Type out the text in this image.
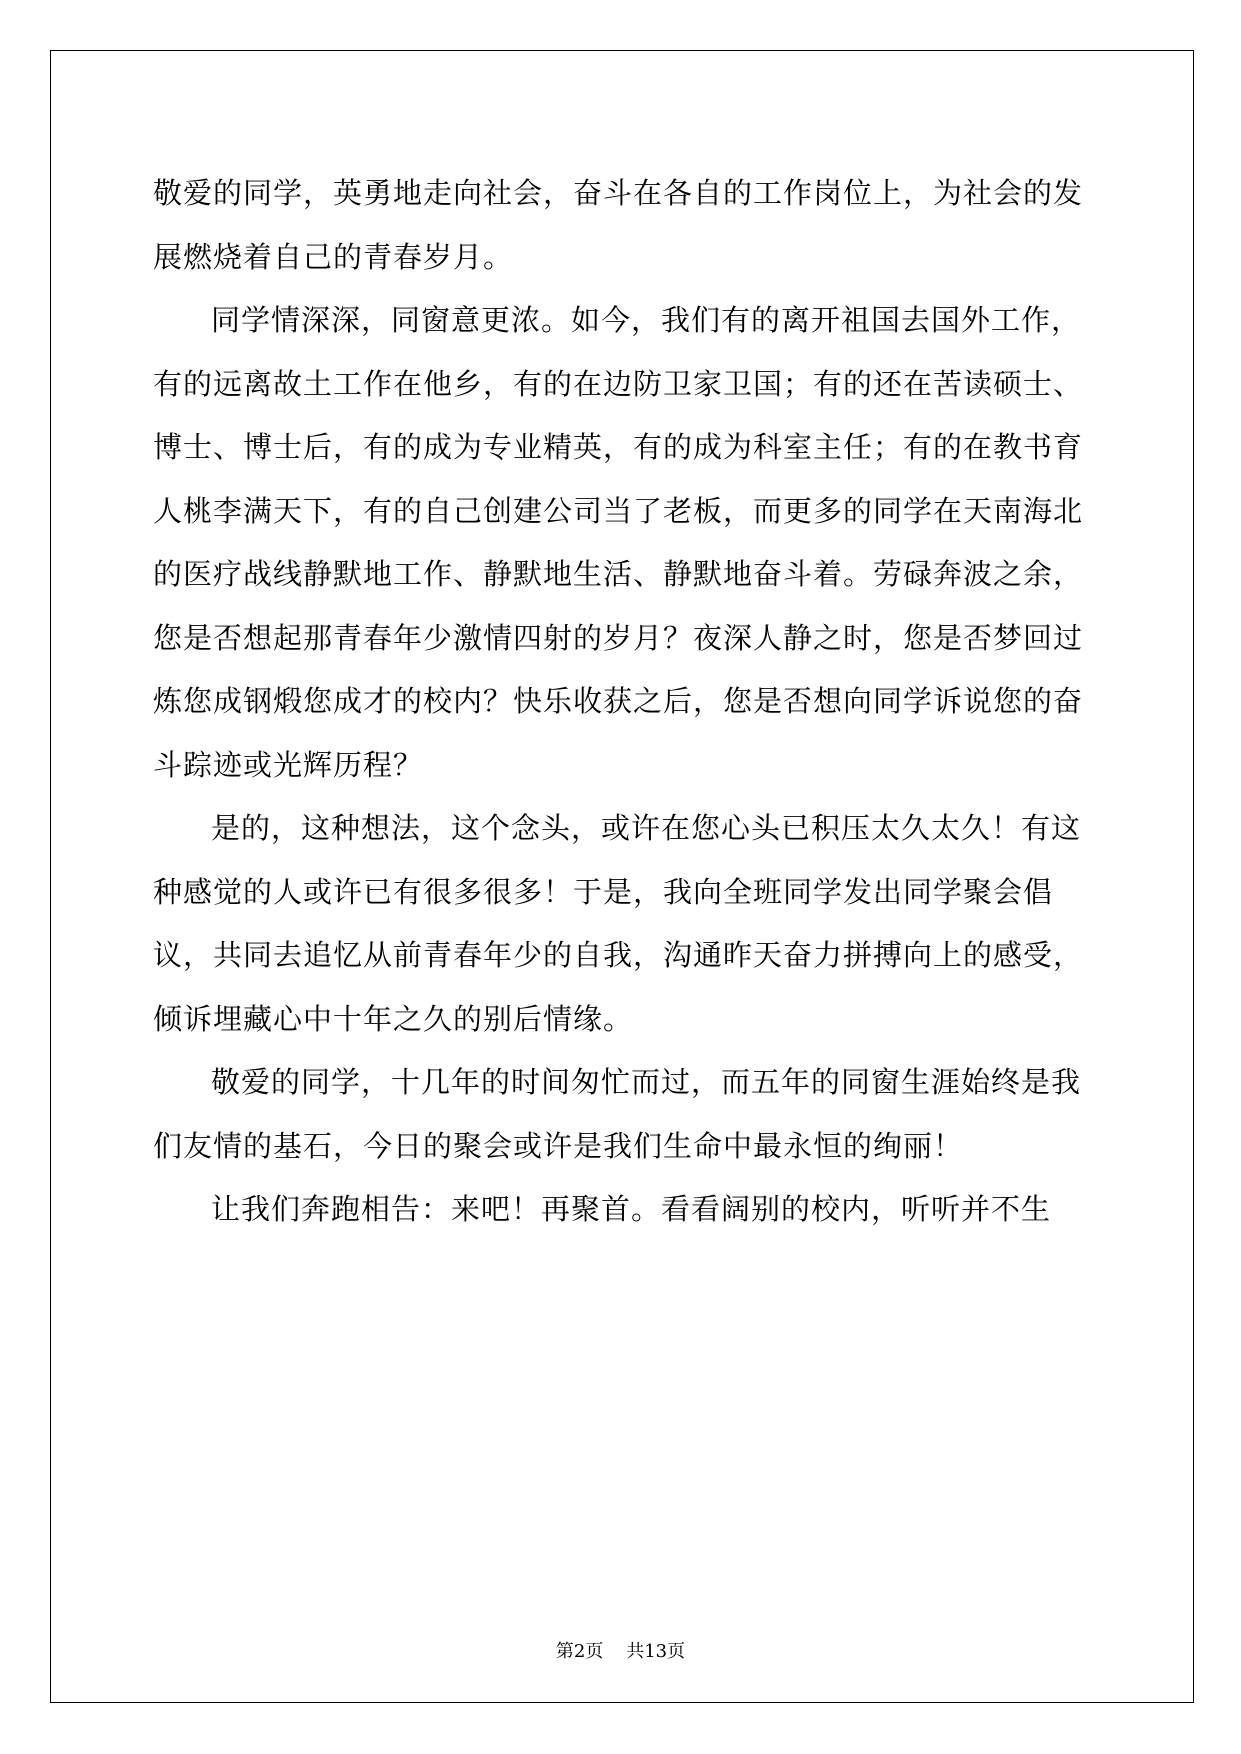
敬爱的同学，英勇地走向社会，奋斗在各自的工作岗位上，为社会的发展燃烧着自己的青春岁月。

同学情深深，同窗意更浓。如今，我们有的离开祖国去国外工作，有的远离故土工作在他乡，有的在边防卫家卫国；有的还在苦读硕士、博士、博士后，有的成为专业精英，有的成为科室主任；有的在教书育人桃李满天下，有的自己创建公司当了老板，而更多的同学在天南海北的医疗战线静默地工作、静默地生活、静默地奋斗着。劳碌奔波之余，您是否想起那青春年少激情四射的岁月？夜深人静之时，您是否梦回过炼您成钢煅您成才的校内？快乐收获之后，您是否想向同学诉说您的奋斗踪迹或光辉历程？

是的，这种想法，这个念头，或许在您心头已积压太久太久！有这种感觉的人或许已有很多很多！于是，我向全班同学发出同学聚会倡议，共同去追忆从前青春年少的自我，沟通昨天奋力拼搏向上的感受，倾诉埋藏心中十年之久的别后情缘。

敬爱的同学，十几年的时间匆忙而过，而五年的同窗生涯始终是我们友情的基石，今日的聚会或许是我们生命中最永恒的绚丽！

让我们奔跑相告：来吧！再聚首。看看阔别的校内，听听并不生

第2页 共13页
